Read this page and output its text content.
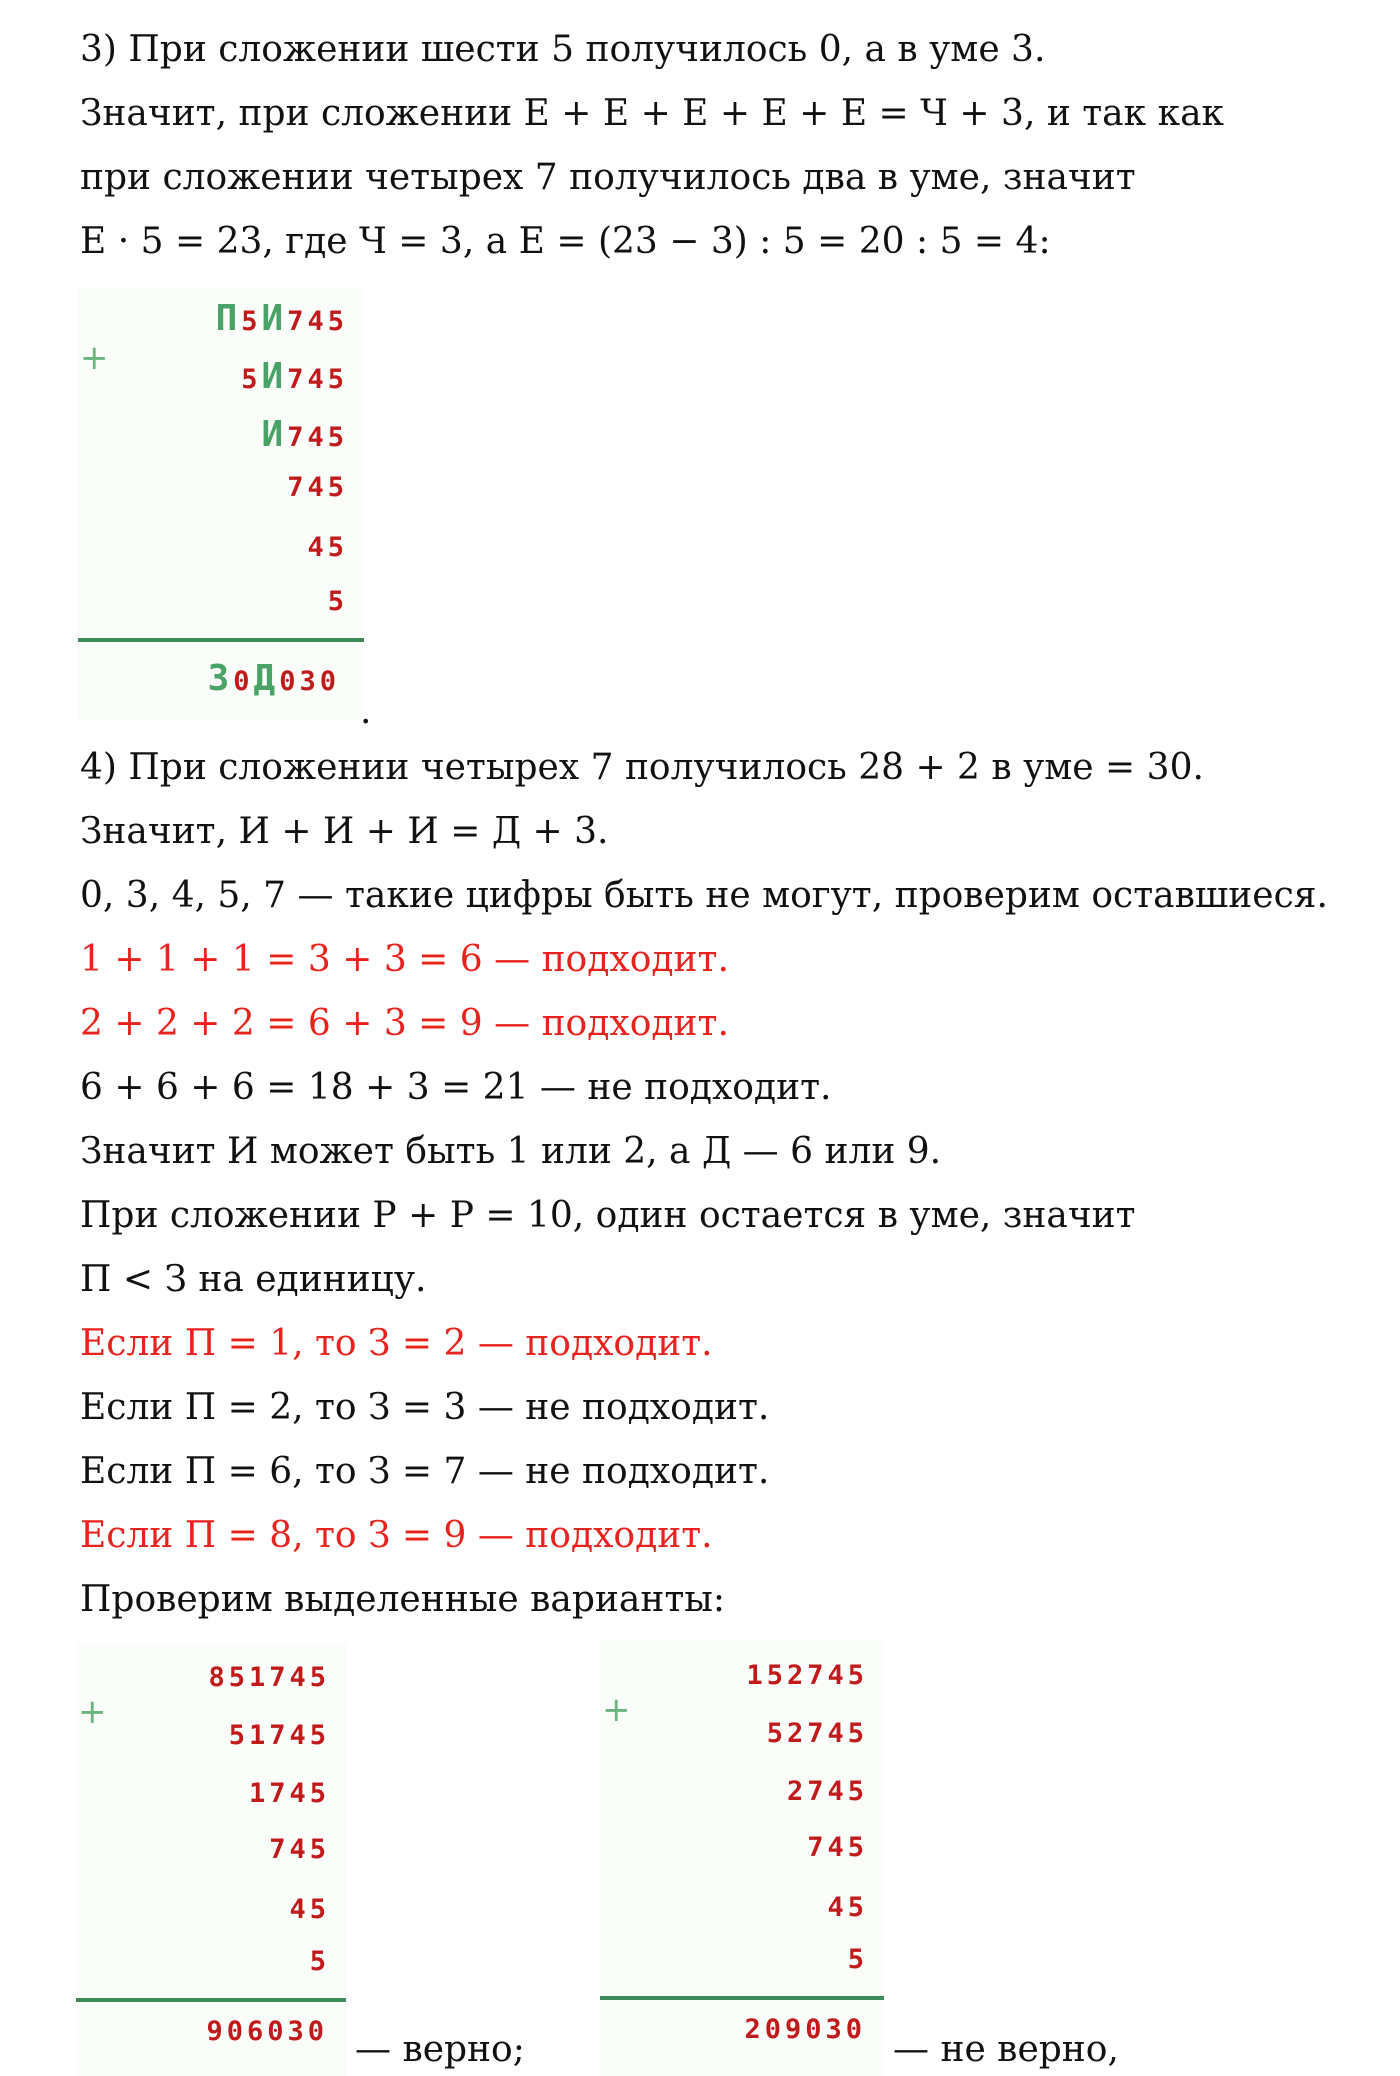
3) При сложении шести 5 получилось 0, а в уме 3.
Значит, при сложении Е + Е + Е + Е + Е = Ч + 3, и так как
при сложении четырех 7 получилось два в уме, значит
Е · 5 = 23, где Ч = 3, а Е = (23 − 3) : 5 = 20 : 5 = 4:
+
П5И745
5И745
И745
745
45
5
З0Д030
.
4) При сложении четырех 7 получилось 28 + 2 в уме = 30.
Значит, И + И + И = Д + 3.
0, 3, 4, 5, 7 — такие цифры быть не могут, проверим оставшиеся.
1 + 1 + 1 = 3 + 3 = 6 — подходит.
2 + 2 + 2 = 6 + 3 = 9 — подходит.
6 + 6 + 6 = 18 + 3 = 21 — не подходит.
Значит И может быть 1 или 2, а Д — 6 или 9.
При сложении Р + Р = 10, один остается в уме, значит
П < З на единицу.
Если П = 1, то З = 2 — подходит.
Если П = 2, то З = 3 — не подходит.
Если П = 6, то З = 7 — не подходит.
Если П = 8, то З = 9 — подходит.
Проверим выделенные варианты:
+
851745
51745
1745
745
45
5
906030 — верно;
+
152745
52745
2745
745
45
5
209030 — не верно,
